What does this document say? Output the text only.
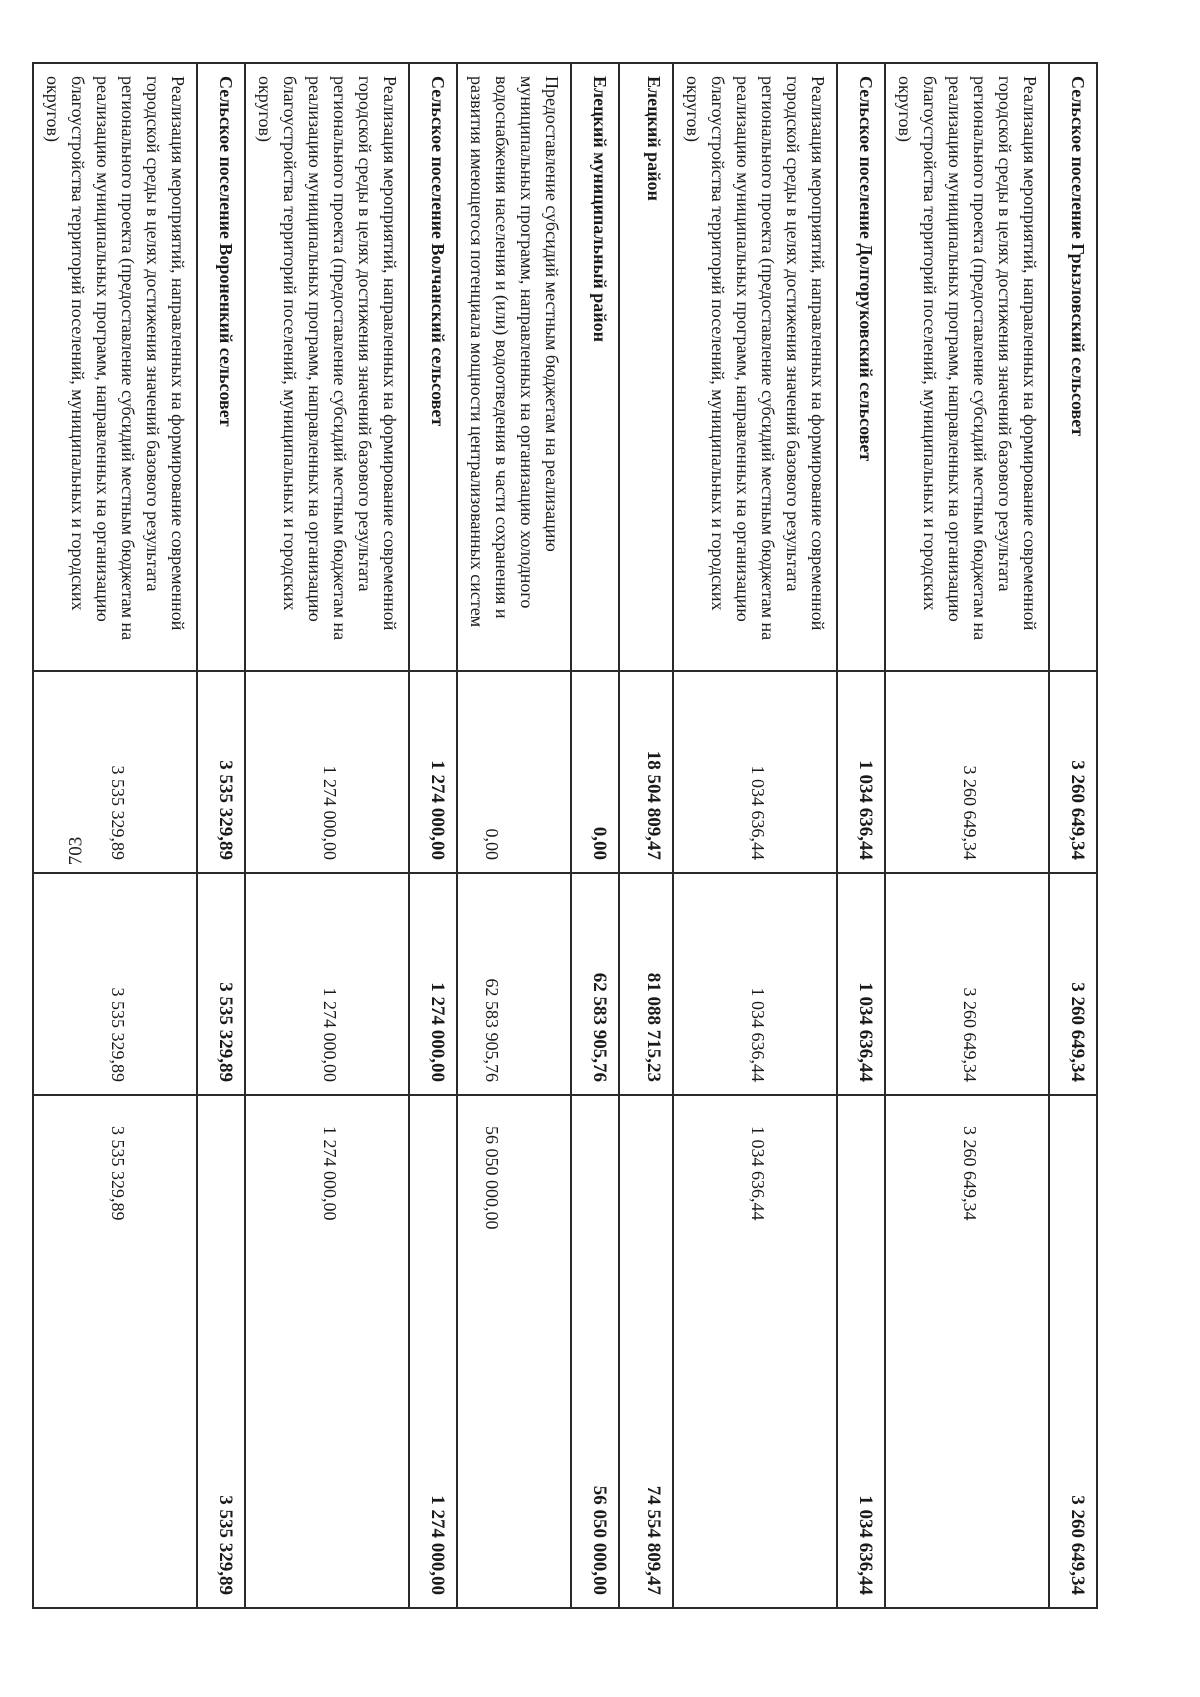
703
Сельское поселение Грызловский сельсовет	3 260 649,34	3 260 649,34	3 260 649,34
Реализация мероприятий, направленных на формирование современной городской среды в целях достижения значений базового результата регионального проекта (предоставление субсидий местным бюджетам на реализацию муниципальных программ, направленных на организацию благоустройства территорий поселений, муниципальных и городских округов)	3 260 649,34	3 260 649,34	3 260 649,34
Сельское поселение Долгоруковский сельсовет	1 034 636,44	1 034 636,44	1 034 636,44
Реализация мероприятий, направленных на формирование современной городской среды в целях достижения значений базового результата регионального проекта (предоставление субсидий местным бюджетам на реализацию муниципальных программ, направленных на организацию благоустройства территорий поселений, муниципальных и городских округов)	1 034 636,44	1 034 636,44	1 034 636,44
Елецкий район	18 504 809,47	81 088 715,23	74 554 809,47
Елецкий муниципальный район	0,00	62 583 905,76	56 050 000,00
Предоставление субсидий местным бюджетам на реализацию муниципальных программ, направленных на организацию холодного водоснабжения населения и (или) водоотведения в части сохранения и развития имеющегося потенциала мощности централизованных систем	0,00	62 583 905,76	56 050 000,00
Сельское поселение Волчанский сельсовет	1 274 000,00	1 274 000,00	1 274 000,00
Реализация мероприятий, направленных на формирование современной городской среды в целях достижения значений базового результата регионального проекта (предоставление субсидий местным бюджетам на реализацию муниципальных программ, направленных на организацию благоустройства территорий поселений, муниципальных и городских округов)	1 274 000,00	1 274 000,00	1 274 000,00
Сельское поселение Вороненкий сельсовет	3 535 329,89	3 535 329,89	3 535 329,89
Реализация мероприятий, направленных на формирование современной городской среды в целях достижения значений базового результата регионального проекта (предоставление субсидий местным бюджетам на реализацию муниципальных программ, направленных на организацию благоустройства территорий поселений, муниципальных и городских округов)	3 535 329,89	3 535 329,89	3 535 329,89
